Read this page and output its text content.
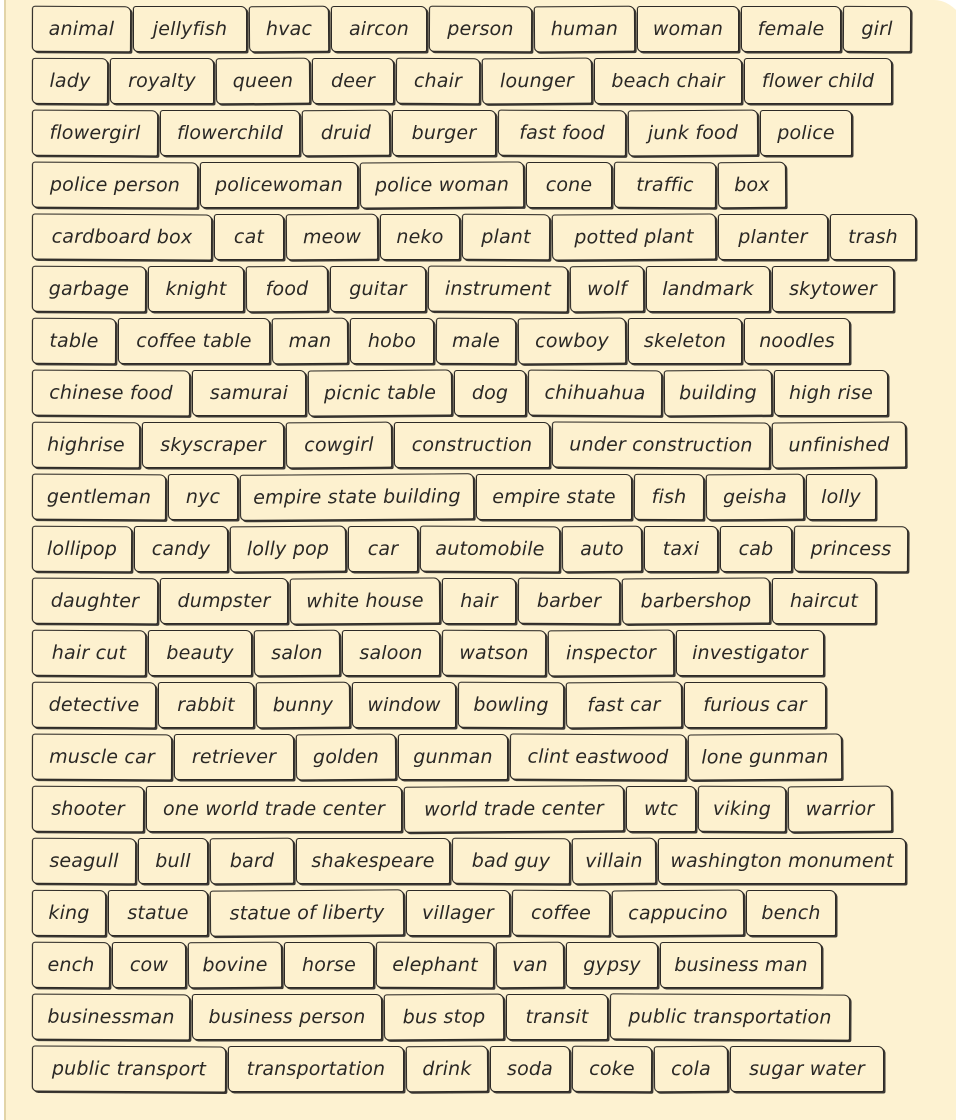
animal	jellyfish	hvac	aircon	person	human	woman	female	girl
lady	royalty	queen	deer	chair	lounger	beach chair	flower child
flowergirl	flowerchild	druid	burger	fast food	junk food	police
police person	policewoman	police woman	cone	traffic	box
cardboard box	cat	meow	neko	plant	potted plant	planter	trash
garbage	knight	food	guitar	instrument	wolf	landmark	skytower
table	coffee table	man	hobo	male	cowboy	skeleton	noodles
chinese food	samurai	picnic table	dog	chihuahua	building	high rise
highrise	skyscraper	cowgirl	construction	under construction	unfinished
gentleman	nyc	empire state building	empire state	fish	geisha	lolly
lollipop	candy	lolly pop	car	automobile	auto	taxi	cab	princess
daughter	dumpster	white house	hair	barber	barbershop	haircut
hair cut	beauty	salon	saloon	watson	inspector	investigator
detective	rabbit	bunny	window	bowling	fast car	furious car
muscle car	retriever	golden	gunman	clint eastwood	lone gunman
shooter	one world trade center	world trade center	wtc	viking	warrior
seagull	bull	bard	shakespeare	bad guy	villain	washington monument
king	statue	statue of liberty	villager	coffee	cappucino	bench
ench	cow	bovine	horse	elephant	van	gypsy	business man
businessman	business person	bus stop	transit	public transportation
public transport	transportation	drink	soda	coke	cola	sugar water
